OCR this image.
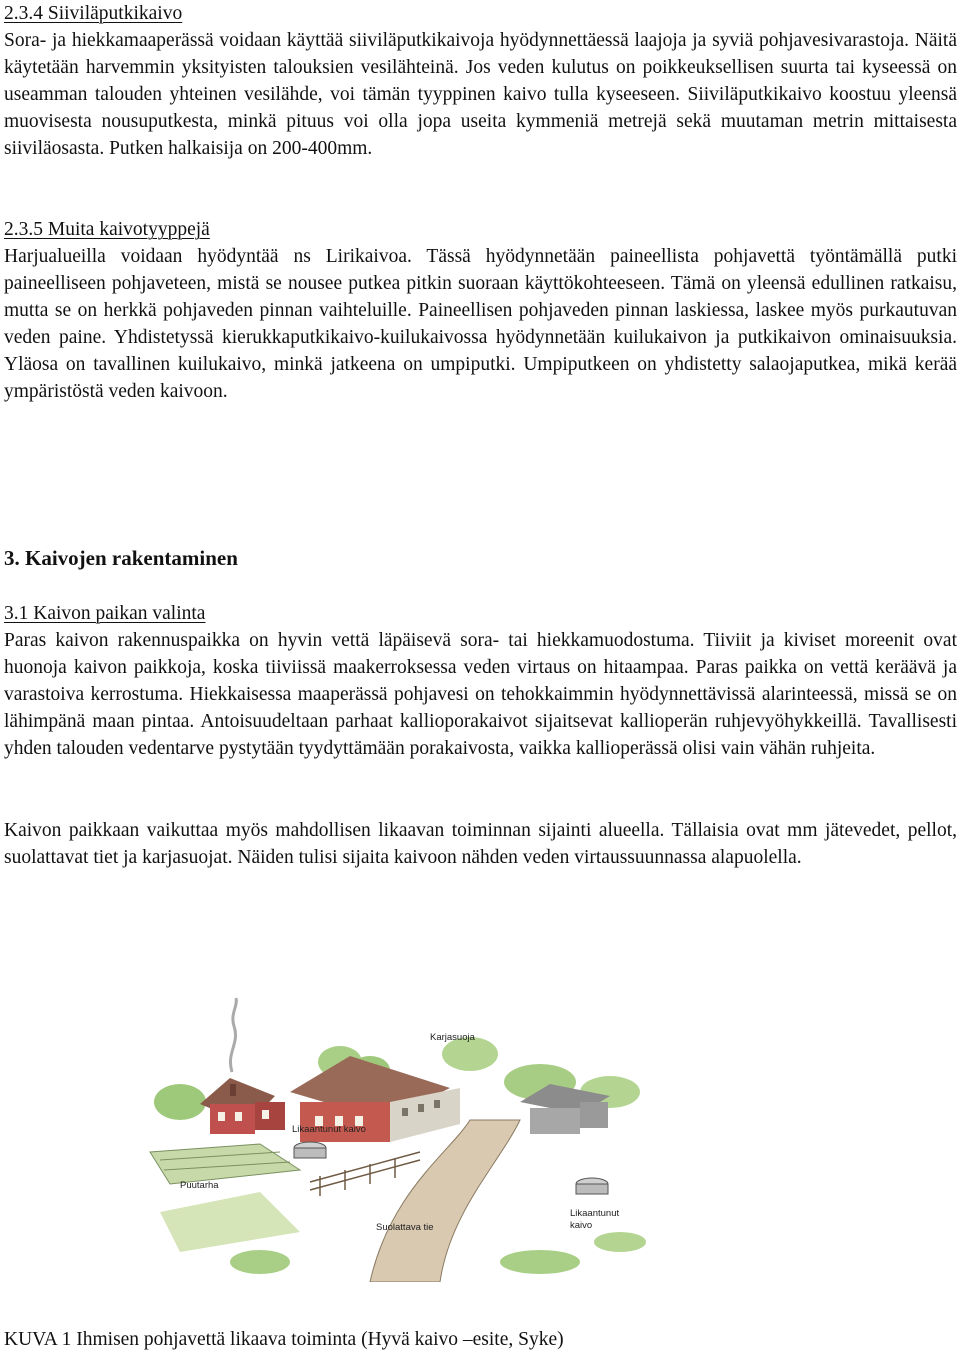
2.3.4 Siiviläputkikaivo
Sora- ja hiekkamaaperässä voidaan käyttää siiviläputkikaivoja hyödynnettäessä laajoja ja syviä pohjavesivarastoja. Näitä käytetään harvemmin yksityisten talouksien vesilähteinä. Jos veden kulutus on poikkeuksellisen suurta tai kyseessä on useamman talouden yhteinen vesilähde, voi tämän tyyppinen kaivo tulla kyseeseen. Siiviläputkikaivo koostuu yleensä muovisesta nousuputkesta, minkä pituus voi olla jopa useita kymmeniä metrejä sekä muutaman metrin mittaisesta siiviläosasta. Putken halkaisija on 200-400mm.
2.3.5 Muita kaivotyyppejä
Harjualueilla voidaan hyödyntää ns Lirikaivoa. Tässä hyödynnetään paineellista pohjavettä työntämällä putki paineelliseen pohjaveteen, mistä se nousee putkea pitkin suoraan käyttökohteeseen. Tämä on yleensä edullinen ratkaisu, mutta se on herkkä pohjaveden pinnan vaihteluille. Paineellisen pohjaveden pinnan laskiessa, laskee myös purkautuvan veden paine. Yhdistetyssä kierukkaputkikaivo-kuilukaivossa hyödynnetään kuilukaivon ja putkikaivon ominaisuuksia. Yläosa on tavallinen kuilukaivo, minkä jatkeena on umpiputki. Umpiputkeen on yhdistetty salaojaputkea, mikä kerää ympäristöstä veden kaivoon.
3. Kaivojen rakentaminen
3.1 Kaivon paikan valinta
Paras kaivon rakennuspaikka on hyvin vettä läpäisevä sora- tai hiekkamuodostuma. Tiiviit ja kiviset moreenit ovat huonoja kaivon paikkoja, koska tiiviissä maakerroksessa veden virtaus on hitaampaa. Paras paikka on vettä keräävä ja varastoiva kerrostuma. Hiekkaisessa maaperässä pohjavesi on tehokkaimmin hyödynnettävissä alarinteessä, missä se on lähimpänä maan pintaa. Antoisuudeltaan parhaat kallioporakaivot sijaitsevat kallioperän ruhjevyöhykkeillä. Tavallisesti yhden talouden vedentarve pystytään tyydyttämään porakaivosta, vaikka kallioperässä olisi vain vähän ruhjeita.
Kaivon paikkaan vaikuttaa myös mahdollisen likaavan toiminnan sijainti alueella. Tällaisia ovat mm jätevedet, pellot, suolattavat tiet ja karjasuojat. Näiden tulisi sijaita kaivoon nähden veden virtaussuunnassa alapuolella.
Karjasuoja
Likaantunut kaivo
Puutarha
Suolattava tie
Likaantunut
kaivo
KUVA 1 Ihmisen pohjavettä likaava toiminta (Hyvä kaivo –esite, Syke)
